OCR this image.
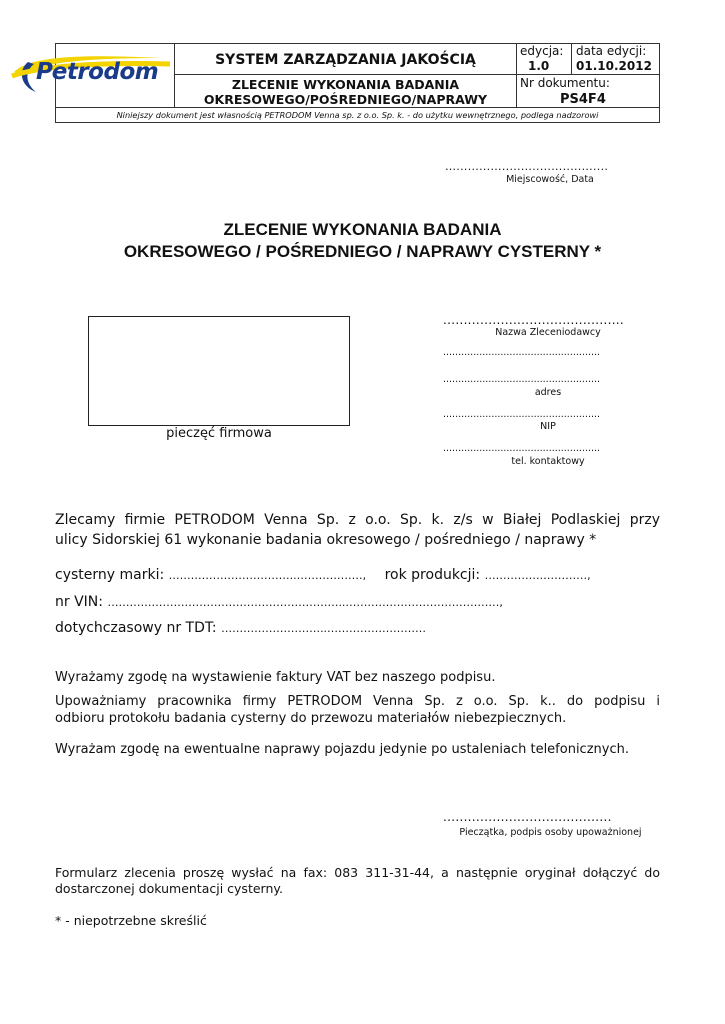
Petrodom	SYSTEM ZARZĄDZANIA JAKOŚCIĄ
ZLECENIE WYKONANIA BADANIA
OKRESOWEGO/POŚREDNIEGO/NAPRAWY
edycja:
1.0
data edycji:
01.10.2012
Nr dokumentu:
PS4F4
Niniejszy dokument jest własnością PETRODOM Venna sp. z o.o. Sp. k. - do użytku wewnętrznego, podlega nadzorowi
…........................................
Miejscowość, Data
ZLECENIE WYKONANIA BADANIA
OKRESOWEGO / POŚREDNIEGO / NAPRAWY CYSTERNY *
pieczęć firmowa
............................................
Nazwa Zleceniodawcy
....................................................
....................................................
adres
....................................................
NIP
....................................................
tel. kontaktowy
Zlecamy firmie PETRODOM Venna Sp. z o.o. Sp. k. z/s w Białej Podlaskiej przy
ulicy Sidorskiej 61 wykonanie badania okresowego / pośredniego / naprawy *
cysterny marki: ……………………………..………………, rok produkcji: …………….…………,
nr VIN: ………………………………………………………..……………………………………,
dotychczasowy nr TDT: ………………………..………………………
Wyrażamy zgodę na wystawienie faktury VAT bez naszego podpisu.
Upoważniamy pracownika firmy PETRODOM Venna Sp. z o.o. Sp. k.. do podpisu i
odbioru protokołu badania cysterny do przewozu materiałów niebezpiecznych.
Wyrażam zgodę na ewentualne naprawy pojazdu jedynie po ustaleniach telefonicznych.
.........................................
Pieczątka, podpis osoby upoważnionej
Formularz zlecenia proszę wysłać na fax: 083 311-31-44, a następnie oryginał dołączyć do
dostarczonej dokumentacji cysterny.
* - niepotrzebne skreślić
